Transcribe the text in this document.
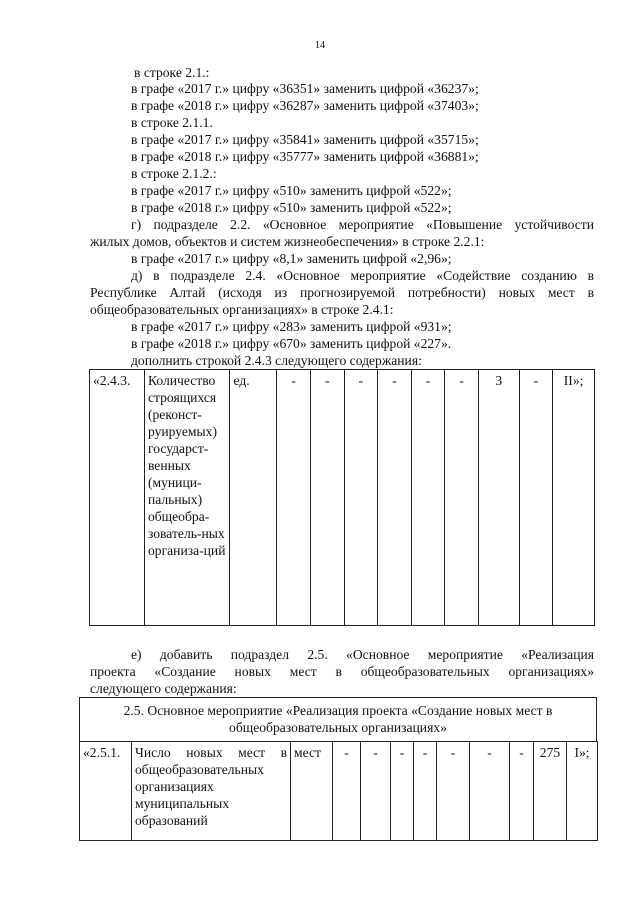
14
в строке 2.1.:
в графе «2017 г.» цифру «36351» заменить цифрой «36237»;
в графе «2018 г.» цифру «36287» заменить цифрой «37403»;
в строке 2.1.1.
в графе «2017 г.» цифру «35841» заменить цифрой «35715»;
в графе «2018 г.» цифру «35777» заменить цифрой «36881»;
в строке 2.1.2.:
в графе «2017 г.» цифру «510» заменить цифрой «522»;
в графе «2018 г.» цифру «510» заменить цифрой «522»;
г) подразделе 2.2. «Основное мероприятие «Повышение устойчивости
жилых домов, объектов и систем жизнеобеспечения» в строке 2.2.1:
в графе «2017 г.» цифру «8,1» заменить цифрой «2,96»;
д) в подразделе 2.4. «Основное мероприятие «Содействие созданию в
Республике Алтай (исходя из прогнозируемой потребности) новых мест в
общеобразовательных организациях» в строке 2.4.1:
в графе «2017 г.» цифру «283» заменить цифрой «931»;
в графе «2018 г.» цифру «670» заменить цифрой «227».
дополнить строкой 2.4.3 следующего содержания:
«2.4.3.	Количество строящихся (реконст-руируемых) государст-венных (муници-пальных) общеобра-зователь-ных организа-ций	ед.	-	-	-	-	-	-	3	-	II»;
е) добавить подраздел 2.5. «Основное мероприятие «Реализация
проекта «Создание новых мест в общеобразовательных организациях»
следующего содержания:
2.5. Основное мероприятие «Реализация проекта «Создание новых мест в
общеобразовательных организациях»
«2.5.1.	Число новых мест в общеобразовательных организациях муниципальных образований	мест	-	-	-	-	-	-	-	275	I»;
